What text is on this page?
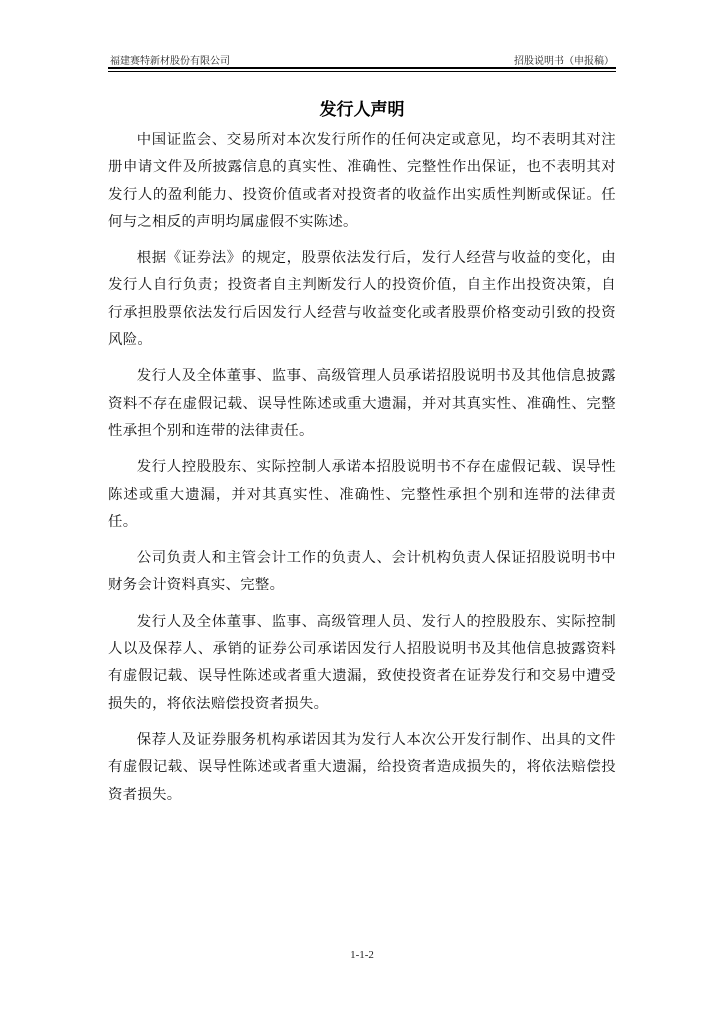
福建赛特新材股份有限公司	招股说明书（申报稿）
发行人声明

中国证监会、交易所对本次发行所作的任何决定或意见，均不表明其对注册申请文件及所披露信息的真实性、准确性、完整性作出保证，也不表明其对发行人的盈利能力、投资价值或者对投资者的收益作出实质性判断或保证。任何与之相反的声明均属虚假不实陈述。

根据《证券法》的规定，股票依法发行后，发行人经营与收益的变化，由发行人自行负责；投资者自主判断发行人的投资价值，自主作出投资决策，自行承担股票依法发行后因发行人经营与收益变化或者股票价格变动引致的投资风险。

发行人及全体董事、监事、高级管理人员承诺招股说明书及其他信息披露资料不存在虚假记载、误导性陈述或重大遗漏，并对其真实性、准确性、完整性承担个别和连带的法律责任。

发行人控股股东、实际控制人承诺本招股说明书不存在虚假记载、误导性陈述或重大遗漏，并对其真实性、准确性、完整性承担个别和连带的法律责任。

公司负责人和主管会计工作的负责人、会计机构负责人保证招股说明书中财务会计资料真实、完整。

发行人及全体董事、监事、高级管理人员、发行人的控股股东、实际控制人以及保荐人、承销的证券公司承诺因发行人招股说明书及其他信息披露资料有虚假记载、误导性陈述或者重大遗漏，致使投资者在证券发行和交易中遭受损失的，将依法赔偿投资者损失。

保荐人及证券服务机构承诺因其为发行人本次公开发行制作、出具的文件有虚假记载、误导性陈述或者重大遗漏，给投资者造成损失的，将依法赔偿投资者损失。

1-1-2
